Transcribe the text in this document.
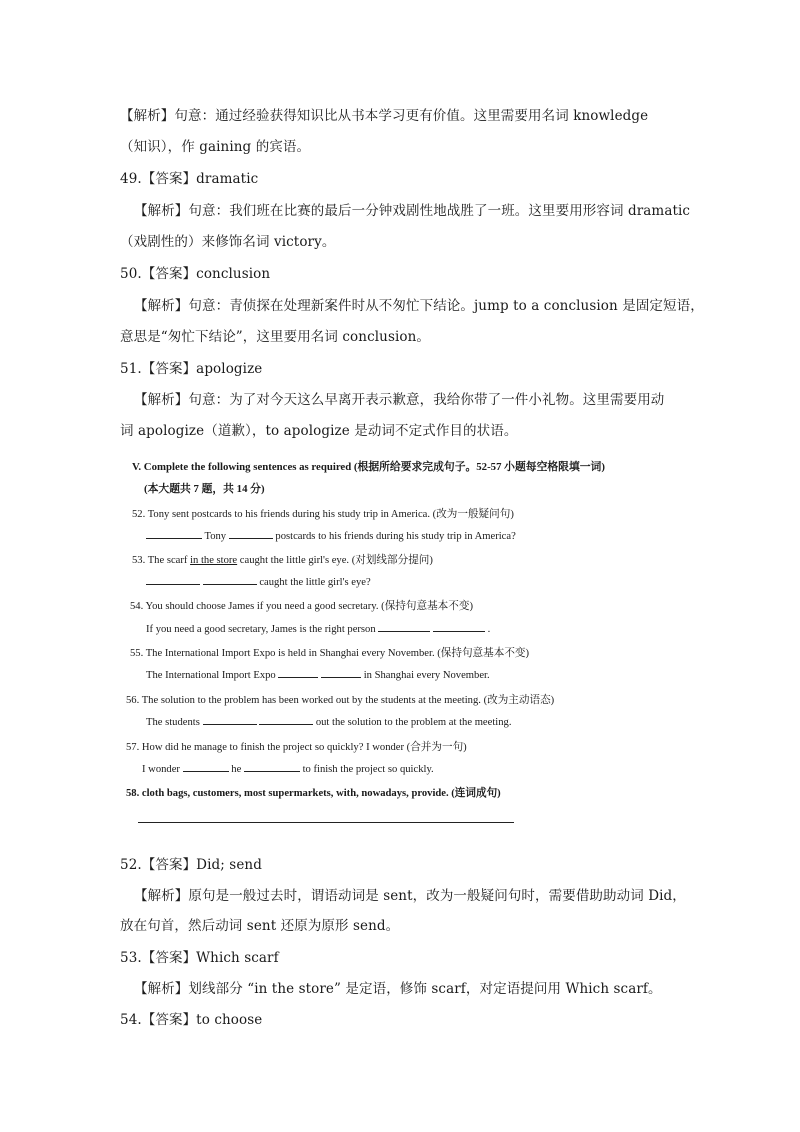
【解析】句意：通过经验获得知识比从书本学习更有价值。这里需要用名词 knowledge
（知识），作 gaining 的宾语。
49.【答案】dramatic
【解析】句意：我们班在比赛的最后一分钟戏剧性地战胜了一班。这里要用形容词 dramatic
（戏剧性的）来修饰名词 victory。
50.【答案】conclusion
【解析】句意：青侦探在处理新案件时从不匆忙下结论。jump to a conclusion 是固定短语，
意思是“匆忙下结论”，这里要用名词 conclusion。
51.【答案】apologize
【解析】句意：为了对今天这么早离开表示歉意，我给你带了一件小礼物。这里需要用动
词 apologize（道歉），to apologize 是动词不定式作目的状语。
V. Complete the following sentences as required (根据所给要求完成句子。52-57 小题每空格限填一词)
(本大题共 7 题，共 14 分)
52. Tony sent postcards to his friends during his study trip in America. (改为一般疑问句)
Tony	postcards to his friends during his study trip in America?
53. The scarf in the store caught the little girl's eye. (对划线部分提问)
caught the little girl's eye?
54. You should choose James if you need a good secretary. (保持句意基本不变)
If you need a good secretary, James is the right person	.
55. The International Import Expo is held in Shanghai every November. (保持句意基本不变)
The International Import Expo	in Shanghai every November.
56. The solution to the problem has been worked out by the students at the meeting. (改为主动语态)
The students	out the solution to the problem at the meeting.
57. How did he manage to finish the project so quickly? I wonder (合并为一句)
I wonder	he	to finish the project so quickly.
58. cloth bags, customers, most supermarkets, with, nowadays, provide. (连词成句)
52.【答案】Did; send
【解析】原句是一般过去时，谓语动词是 sent，改为一般疑问句时，需要借助助动词 Did，
放在句首，然后动词 sent 还原为原形 send。
53.【答案】Which scarf
【解析】划线部分 “in the store” 是定语，修饰 scarf，对定语提问用 Which scarf。
54.【答案】to choose
